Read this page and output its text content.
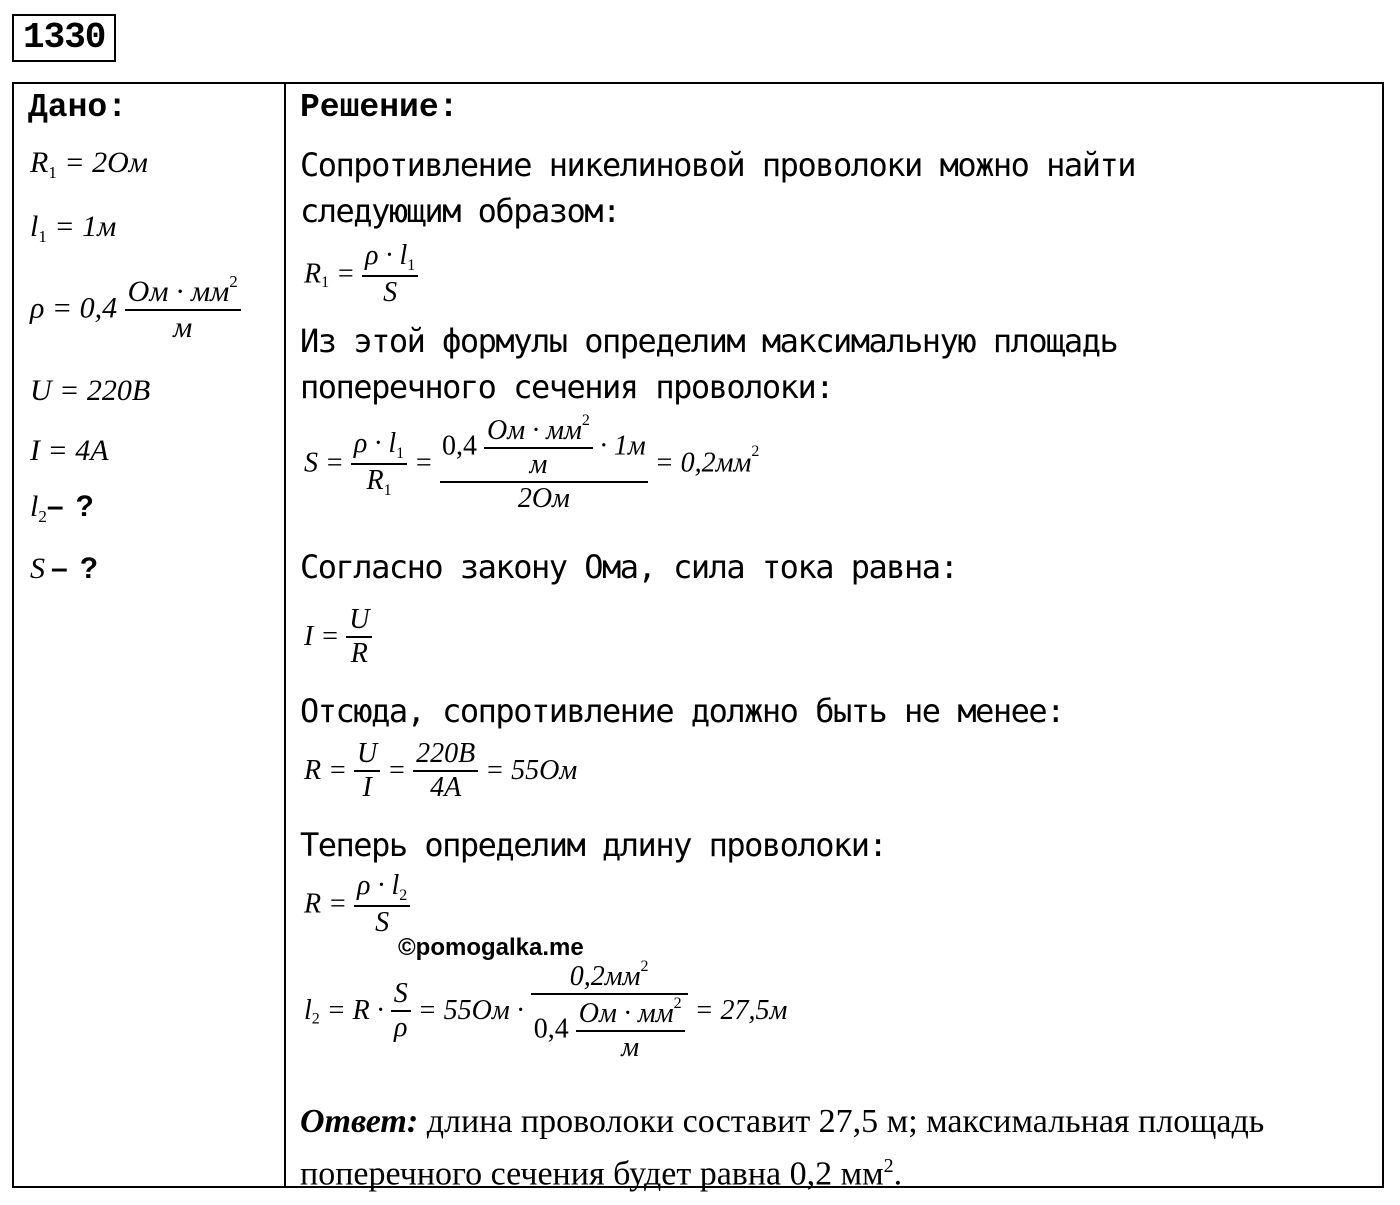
1330
Дано:	Решение:
$R_1 = 2Ом$
$l_1 = 1м$
$\rho = 0,4 \frac{Ом \cdot мм^2}{м}$
U = 220B
I = 4A
$l_2-$ ?
S – ?
Сопротивление никелиновой проволоки можно найти
следующим образом:
$R_1 = \frac{\rho \cdot l_1}{S}$
Из этой формулы определим максимальную площадь
поперечного сечения проволоки:
$S = \frac{\rho \cdot l_1}{R_1} = \frac{0,4 \frac{Ом \cdot мм^2}{м} \cdot 1м}{2Ом} = 0,2мм^2$
Согласно закону Ома, сила тока равна:
$I = \frac{U}{R}$
Отсюда, сопротивление должно быть не менее:
$R = \frac{U}{I} = \frac{220B}{4A} = 55Ом$
Теперь определим длину проволоки:
$R = \frac{\rho \cdot l_2}{S}$
©pomogalka.me
$l_2 = R \cdot \frac{S}{\rho} = 55Ом \cdot \frac{0,2мм^2}{0,4 \frac{Ом \cdot мм^2}{м}} = 27,5м$
Ответ: длина проволоки составит 27,5 м; максимальная площадь поперечного сечения будет равна 0,2 $мм^2$.
